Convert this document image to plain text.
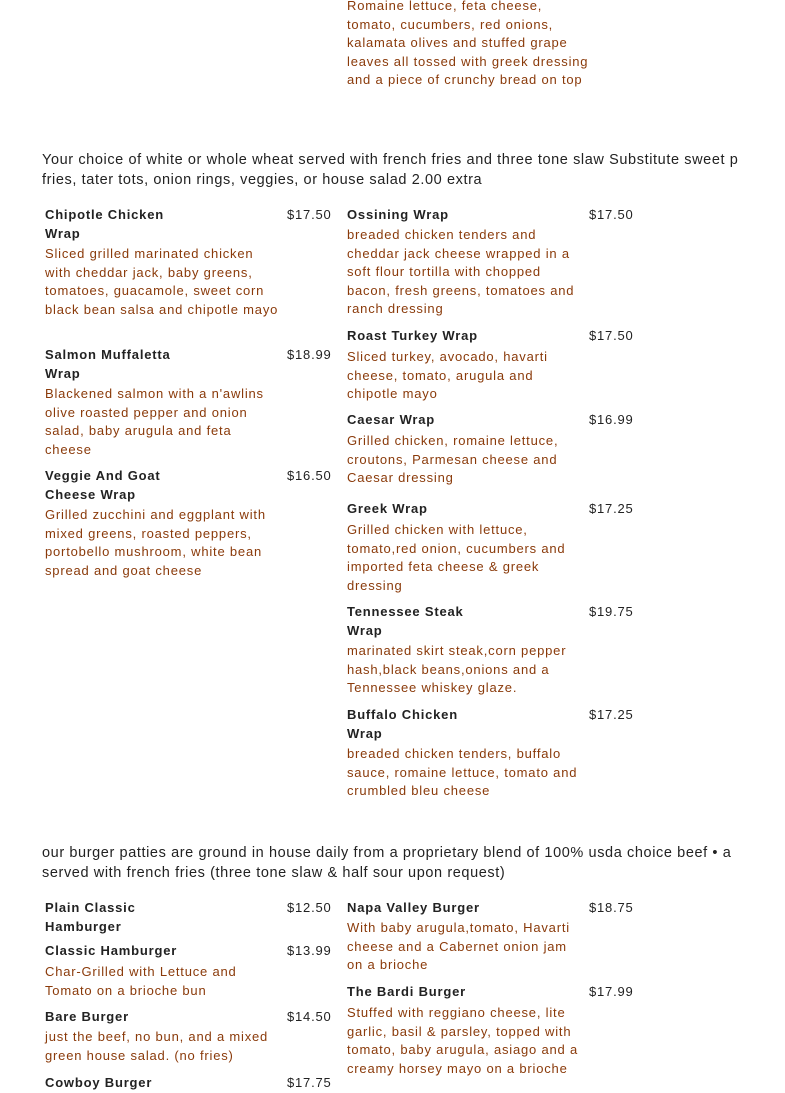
Romaine lettuce, feta cheese, tomato, cucumbers, red onions, kalamata olives and stuffed grape leaves all tossed with greek dressing and a piece of crunchy bread on top
Your choice of white or whole wheat served with french fries and three tone slaw Substitute sweet p
fries, tater tots, onion rings, veggies, or house salad 2.00 extra
Chipotle Chicken Wrap
$17.50
Sliced grilled marinated chicken with cheddar jack, baby greens, tomatoes, guacamole, sweet corn black bean salsa and chipotle mayo
Salmon Muffaletta Wrap
$18.99
Blackened salmon with a n'awlins olive roasted pepper and onion salad, baby arugula and feta cheese
Veggie And Goat Cheese Wrap
$16.50
Grilled zucchini and eggplant with mixed greens, roasted peppers, portobello mushroom, white bean spread and goat cheese
Ossining Wrap	$17.50
breaded chicken tenders and cheddar jack cheese wrapped in a soft flour tortilla with chopped bacon, fresh greens, tomatoes and ranch dressing
Roast Turkey Wrap	$17.50
Sliced turkey, avocado, havarti cheese, tomato, arugula and chipotle mayo
Caesar Wrap	$16.99
Grilled chicken, romaine lettuce, croutons, Parmesan cheese and Caesar dressing
Greek Wrap	$17.25
Grilled chicken with lettuce, tomato,red onion, cucumbers and imported feta cheese & greek dressing
Tennessee Steak Wrap
$19.75
marinated skirt steak,corn pepper hash,black beans,onions and a Tennessee whiskey glaze.
Buffalo Chicken Wrap
$17.25
breaded chicken tenders, buffalo sauce, romaine lettuce, tomato and crumbled bleu cheese
our burger patties are ground in house daily from a proprietary blend of 100% usda choice beef • a
served with french fries (three tone slaw & half sour upon request)
Plain Classic Hamburger
$12.50
Classic Hamburger	$13.99
Char-Grilled with Lettuce and Tomato on a brioche bun
Bare Burger	$14.50
just the beef, no bun, and a mixed green house salad. (no fries)
Cowboy Burger	$17.75
Napa Valley Burger	$18.75
With baby arugula,tomato, Havarti cheese and a Cabernet onion jam on a brioche
The Bardi Burger	$17.99
Stuffed with reggiano cheese, lite garlic, basil & parsley, topped with tomato, baby arugula, asiago and a creamy horsey mayo on a brioche
